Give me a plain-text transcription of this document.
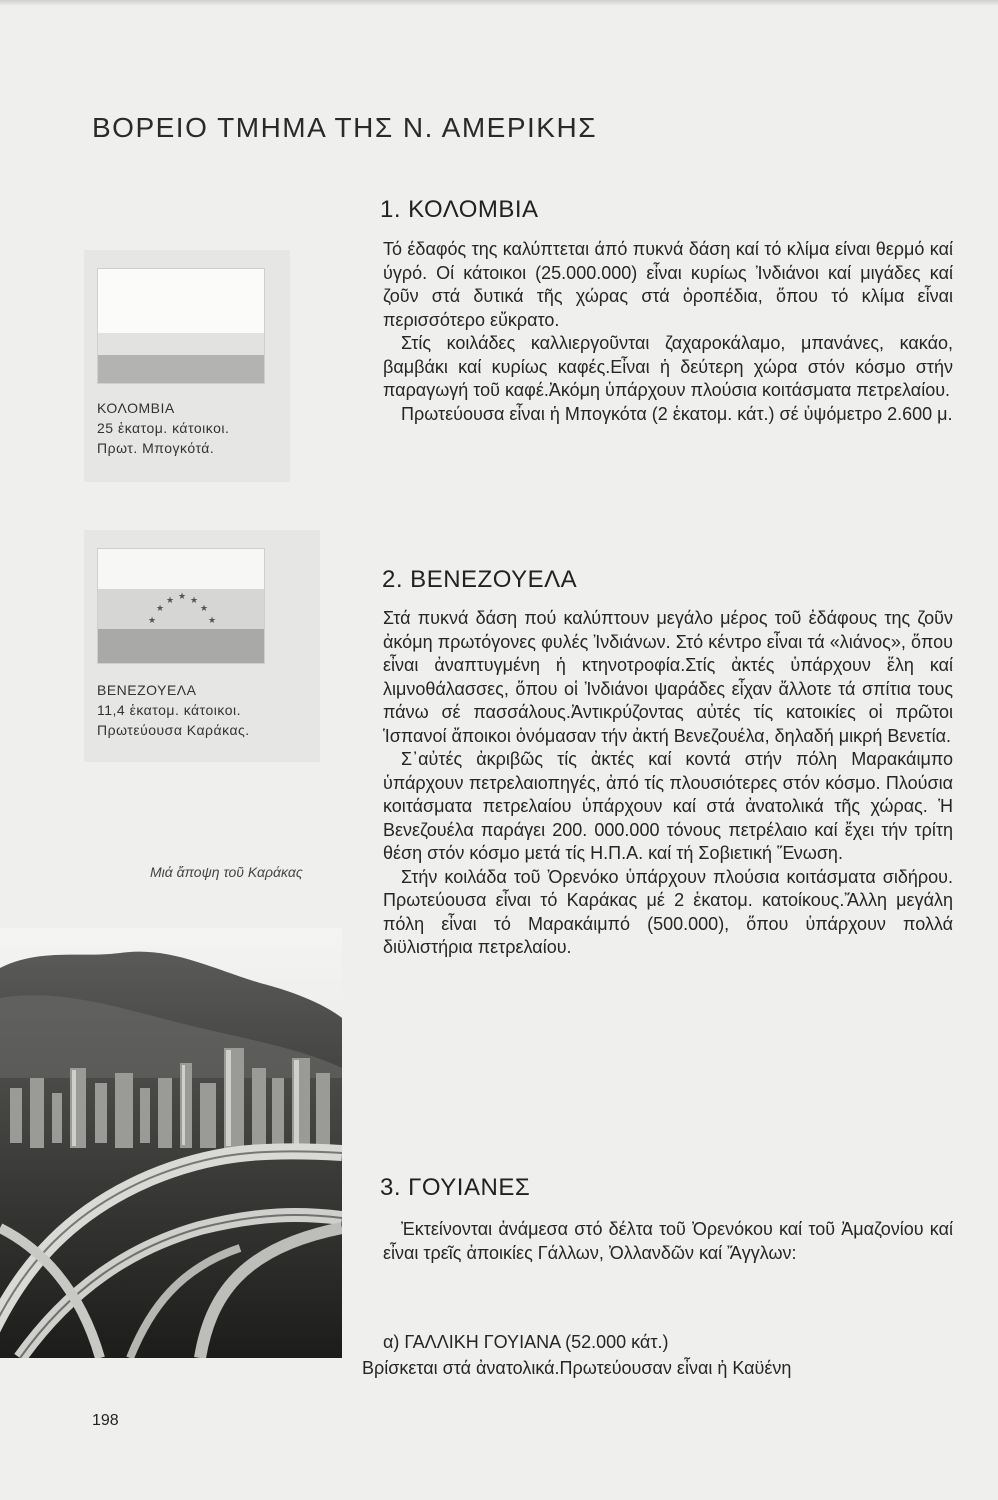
ΒΟΡΕΙΟ ΤΜΗΜΑ ΤΗΣ Ν. ΑΜΕΡΙΚΗΣ
ΚΟΛΟΜΒΙΑ
25 ἑκατομ. κάτοικοι.
Πρωτ. Μπογκότά.
1. ΚΟΛΟΜΒΙΑ

Τό έδαφός της καλύπτεται άπό πυκνά δάση καί τό κλίμα είναι θερμό καί ύγρό. Οί κάτοικοι (25.000.000) εἶναι κυρίως Ἰνδιάνοι καί μιγάδες καί ζοῦν στά δυτικά τῆς χώρας στά ὀροπέδια, ὅπου τό κλίμα εἶναι περισσότερο εὔκρατο.

Στίς κοιλάδες καλλιεργοῦνται ζαχαροκάλαμο, μπανάνες, κακάο, βαμβάκι καί κυρίως καφές.Εἶναι ἡ δεύτερη χώρα στόν κόσμο στήν παραγωγή τοῦ καφέ.Ἀκόμη ὑπάρχουν πλούσια κοιτάσματα πετρελαίου.

Πρωτεύουσα εἶναι ἡ Μπογκότα (2 ἑκατομ. κάτ.) σέ ὑψόμετρο 2.600 μ.

★
★
★ ★ ★
★
★
ΒΕΝΕΖΟΥΕΛΑ
11,4 ἑκατομ. κάτοικοι.
Πρωτεύουσα Καράκας.
2. ΒΕΝΕΖΟΥΕΛΑ

Στά πυκνά δάση πού καλύπτουν μεγάλο μέρος τοῦ ἐδάφους της ζοῦν ἀκόμη πρωτόγονες φυλές Ἰνδιάνων. Στό κέντρο εἶναι τά «λιάνος», ὅπου εἶναι ἀναπτυγμένη ἡ κτηνοτροφία.Στίς ἀκτές ὑπάρχουν ἕλη καί λιμνοθάλασσες, ὅπου οἱ Ἰνδιάνοι ψαράδες εἶχαν ἄλλοτε τά σπίτια τους πάνω σέ πασσάλους.Ἀντικρύζοντας αὐτές τίς κατοικίες οἱ πρῶτοι Ἱσπανοί ἄποικοι ὀνόμασαν τήν ἀκτή Βενεζουέλα, δηλαδή μικρή Βενετία.

Σ᾽αὐτές ἀκριβῶς τίς ἀκτές καί κοντά στήν πόλη Μαρακάιμπο ὑπάρχουν πετρελαιοπηγές, ἀπό τίς πλουσιότερες στόν κόσμο. Πλούσια κοιτάσματα πετρελαίου ὑπάρχουν καί στά ἀνατολικά τῆς χώρας. Ἡ Βενεζουέλα παράγει 200. 000.000 τόνους πετρέλαιο καί ἔχει τήν τρίτη θέση στόν κόσμο μετά τίς Η.Π.Α. καί τή Σοβιετική Ἕνωση.

Στήν κοιλάδα τοῦ Ὀρενόκο ὑπάρχουν πλούσια κοιτάσματα σιδήρου. Πρωτεύουσα εἶναι τό Καράκας μέ 2 ἑκατομ. κατοίκους.Ἄλλη μεγάλη πόλη εἶναι τό Μαρακάιμπό (500.000), ὅπου ὑπάρχουν πολλά διϋλιστήρια πετρελαίου.

Μιά ἄποψη τοῦ Καράκας
3. ΓΟΥΙΑΝΕΣ

Ἐκτείνονται ἀνάμεσα στό δέλτα τοῦ Ὀρενόκου καί τοῦ Ἀμαζονίου καί εἶναι τρεῖς ἀποικίες Γάλλων, Ὀλλανδῶν καί Ἄγγλων:

α) ΓΑΛΛΙΚΗ ΓΟΥΙΑΝΑ (52.000 κάτ.)

Βρίσκεται στά ἀνατολικά.Πρωτεύουσαν εἶναι ἡ Καϋένη

198
